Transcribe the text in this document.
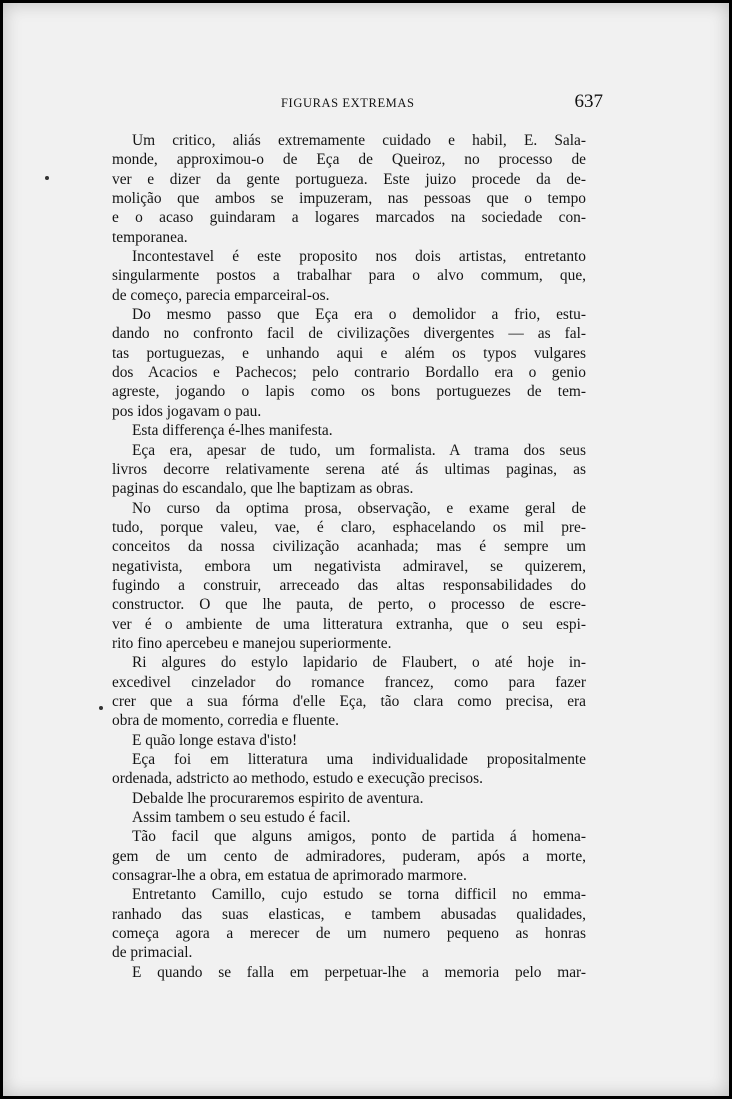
FIGURAS EXTREMAS	637
Um critico, aliás extremamente cuidado e habil, E. Sala-
monde, approximou-o de Eça de Queiroz, no processo de
ver e dizer da gente portugueza. Este juizo procede da de-
molição que ambos se impuzeram, nas pessoas que o tempo
e o acaso guindaram a logares marcados na sociedade con-
temporanea.
Incontestavel é este proposito nos dois artistas, entretanto
singularmente postos a trabalhar para o alvo commum, que,
de começo, parecia emparceiral-os.
Do mesmo passo que Eça era o demolidor a frio, estu-
dando no confronto facil de civilizações divergentes — as fal-
tas portuguezas, e unhando aqui e além os typos vulgares
dos Acacios e Pachecos; pelo contrario Bordallo era o genio
agreste, jogando o lapis como os bons portuguezes de tem-
pos idos jogavam o pau.
Esta differença é-lhes manifesta.
Eça era, apesar de tudo, um formalista. A trama dos seus
livros decorre relativamente serena até ás ultimas paginas, as
paginas do escandalo, que lhe baptizam as obras.
No curso da optima prosa, observação, e exame geral de
tudo, porque valeu, vae, é claro, esphacelando os mil pre-
conceitos da nossa civilização acanhada; mas é sempre um
negativista, embora um negativista admiravel, se quizerem,
fugindo a construir, arreceado das altas responsabilidades do
constructor. O que lhe pauta, de perto, o processo de escre-
ver é o ambiente de uma litteratura extranha, que o seu espi-
rito fino apercebeu e manejou superiormente.
Ri algures do estylo lapidario de Flaubert, o até hoje in-
excedivel cinzelador do romance francez, como para fazer
crer que a sua fórma d'elle Eça, tão clara como precisa, era
obra de momento, corredia e fluente.
E quão longe estava d'isto!
Eça foi em litteratura uma individualidade propositalmente
ordenada, adstricto ao methodo, estudo e execução precisos.
Debalde lhe procuraremos espirito de aventura.
Assim tambem o seu estudo é facil.
Tão facil que alguns amigos, ponto de partida á homena-
gem de um cento de admiradores, puderam, após a morte,
consagrar-lhe a obra, em estatua de aprimorado marmore.
Entretanto Camillo, cujo estudo se torna difficil no emma-
ranhado das suas elasticas, e tambem abusadas qualidades,
começa agora a merecer de um numero pequeno as honras
de primacial.
E quando se falla em perpetuar-lhe a memoria pelo mar-
